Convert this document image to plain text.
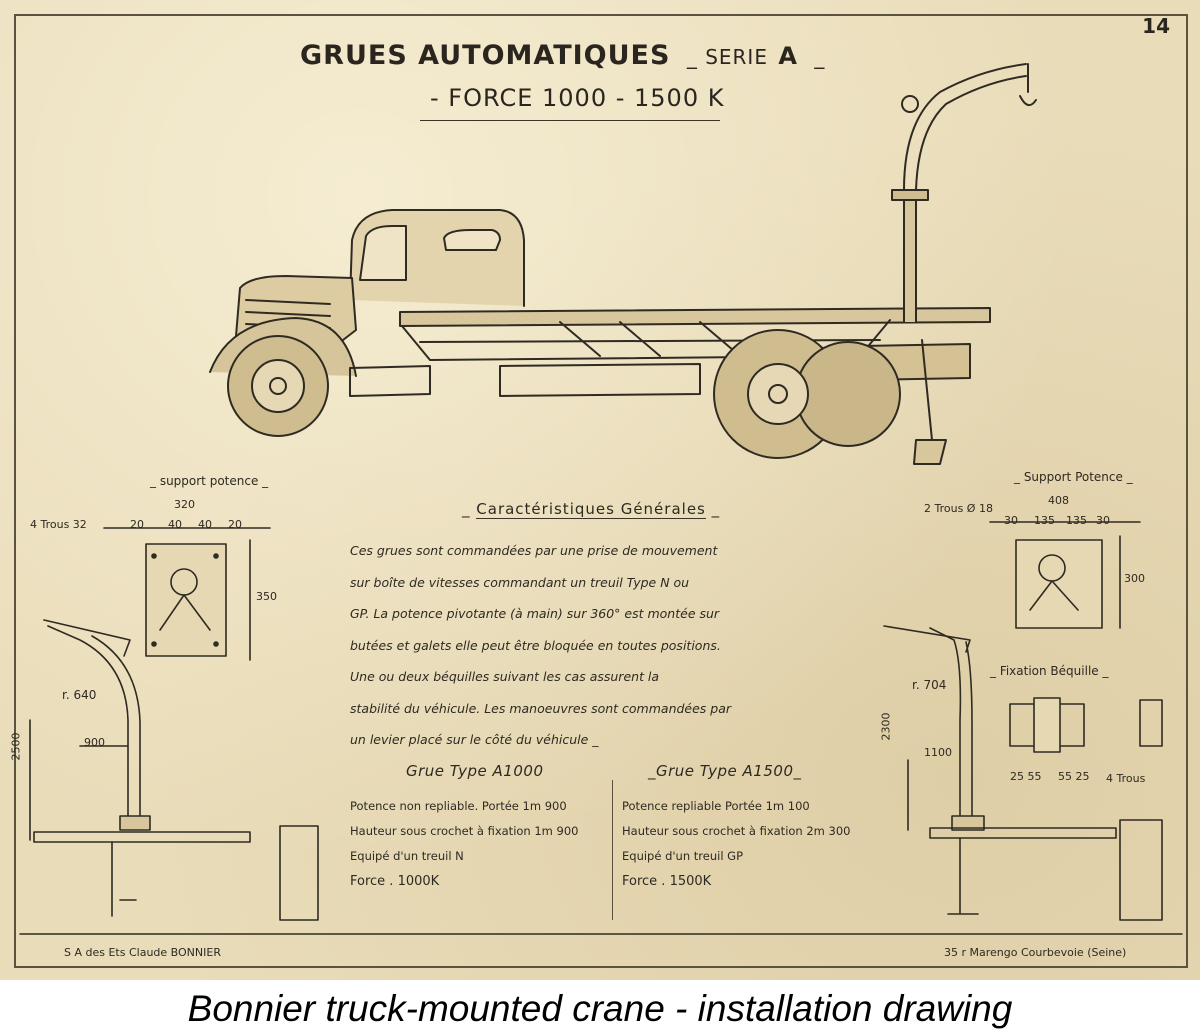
14
GRUES AUTOMATIQUES _ SERIE A _
- FORCE 1000 - 1500 K
_ support potence _
320
4 Trous 32	40 40
20	20
350
r. 640
900
2500
_ Support Potence _
408
2 Trous Ø 18
135 135
30	30
300
_ Fixation Béquille _
25 55 55 25 4 Trous
r. 704
2300
1100
_ Caractéristiques Générales _
Ces grues sont commandées par une prise de mouvement
sur boîte de vitesses commandant un treuil Type N ou
GP. La potence pivotante (à main) sur 360° est montée sur
butées et galets elle peut être bloquée en toutes positions.
Une ou deux béquilles suivant les cas assurent la
stabilité du véhicule. Les manoeuvres sont commandées par
un levier placé sur le côté du véhicule _
Grue Type A1000
Potence non repliable. Portée 1m 900
Hauteur sous crochet à fixation 1m 900
Equipé d'un treuil N
Force . 1000K
_Grue Type A1500_
Potence repliable Portée 1m 100
Hauteur sous crochet à fixation 2m 300
Equipé d'un treuil GP
Force . 1500K
S A des Ets Claude BONNIER	35 r Marengo Courbevoie (Seine)
Bonnier truck-mounted crane - installation drawing
